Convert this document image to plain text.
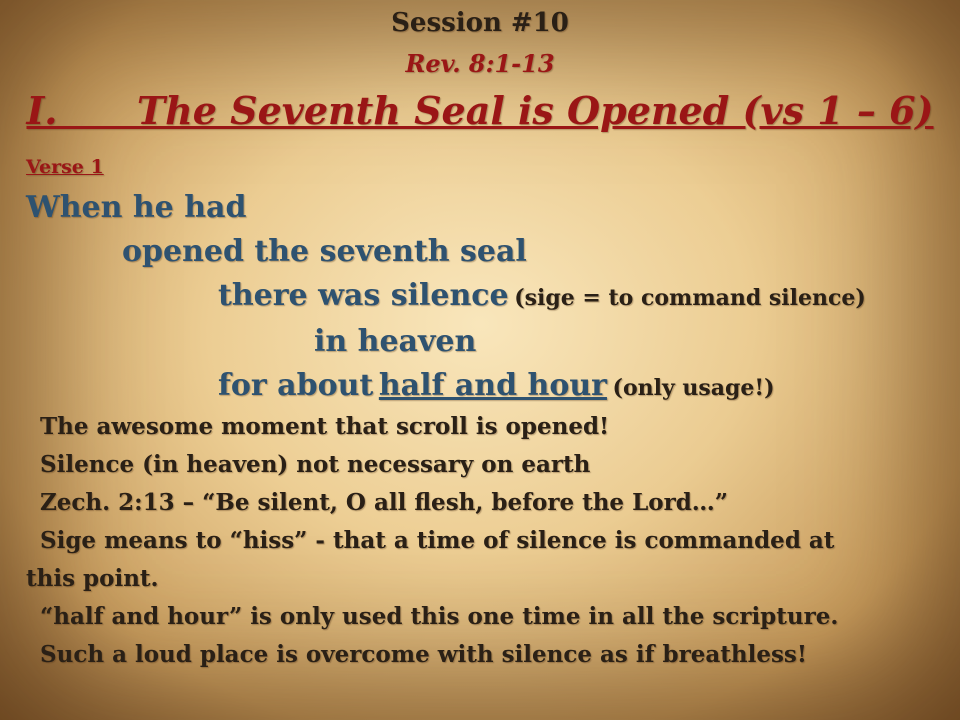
Session #10

Rev. 8:1-13

I.      The Seventh Seal is Opened (vs 1 – 6)

Verse 1

When he had

opened the seventh seal

there was silence (sige = to command silence)

in heaven

for about half and hour (only usage!)

The awesome moment that scroll is opened!

Silence (in heaven) not necessary on earth

Zech. 2:13 – “Be silent, O all flesh, before the Lord…”

Sige means to “hiss” - that a time of silence is commanded at

this point.

“half and hour” is only used this one time in all the scripture.

Such a loud place is overcome with silence as if breathless!
